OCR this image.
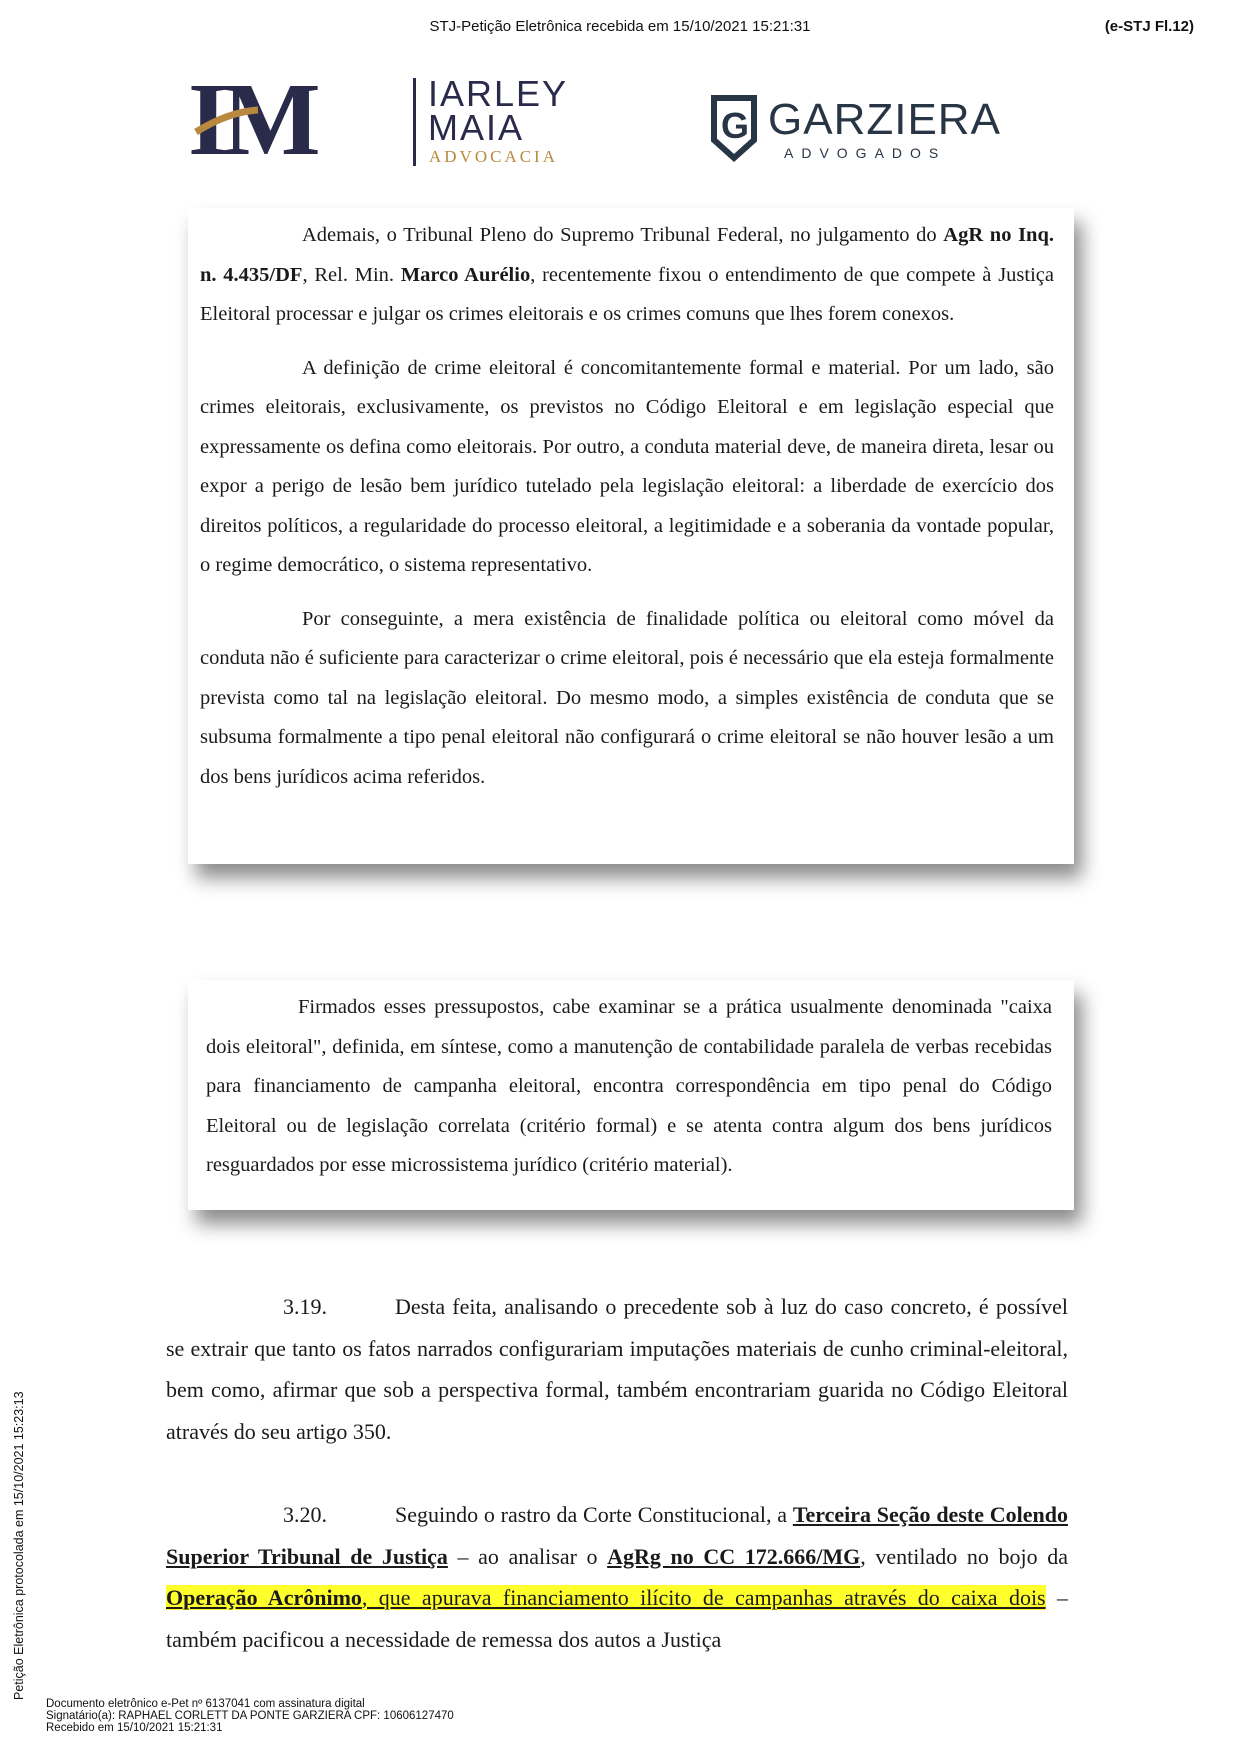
STJ-Petição Eletrônica recebida em 15/10/2021 15:21:31	(e-STJ Fl.12)
IM	IARLEY
MAIA
ADVOCACIA
G GARZIERA
ADVOGADOS

Ademais, o Tribunal Pleno do Supremo Tribunal Federal, no julgamento do AgR no Inq. n. 4.435/DF, Rel. Min. Marco Aurélio, recentemente fixou o entendimento de que compete à Justiça Eleitoral processar e julgar os crimes eleitorais e os crimes comuns que lhes forem conexos.

A definição de crime eleitoral é concomitantemente formal e material. Por um lado, são crimes eleitorais, exclusivamente, os previstos no Código Eleitoral e em legislação especial que expressamente os defina como eleitorais. Por outro, a conduta material deve, de maneira direta, lesar ou expor a perigo de lesão bem jurídico tutelado pela legislação eleitoral: a liberdade de exercício dos direitos políticos, a regularidade do processo eleitoral, a legitimidade e a soberania da vontade popular, o regime democrático, o sistema representativo.

Por conseguinte, a mera existência de finalidade política ou eleitoral como móvel da conduta não é suficiente para caracterizar o crime eleitoral, pois é necessário que ela esteja formalmente prevista como tal na legislação eleitoral. Do mesmo modo, a simples existência de conduta que se subsuma formalmente a tipo penal eleitoral não configurará o crime eleitoral se não houver lesão a um dos bens jurídicos acima referidos.

Firmados esses pressupostos, cabe examinar se a prática usualmente denominada "caixa dois eleitoral", definida, em síntese, como a manutenção de contabilidade paralela de verbas recebidas para financiamento de campanha eleitoral, encontra correspondência em tipo penal do Código Eleitoral ou de legislação correlata (critério formal) e se atenta contra algum dos bens jurídicos resguardados por esse microssistema jurídico (critério material).

3.19.	Desta feita, analisando o precedente sob à luz do caso concreto, é possível se extrair que tanto os fatos narrados configurariam imputações materiais de cunho criminal-eleitoral, bem como, afirmar que sob a perspectiva formal, também encontrariam guarida no Código Eleitoral através do seu artigo 350.

3.20.	Seguindo o rastro da Corte Constitucional, a Terceira Seção deste Colendo Superior Tribunal de Justiça – ao analisar o AgRg no CC 172.666/MG, ventilado no bojo da Operação Acrônimo, que apurava financiamento ilícito de campanhas através do caixa dois – também pacificou a necessidade de remessa dos autos a Justiça

Petição Eletrônica protocolada em 15/10/2021 15:23:13
Documento eletrônico e-Pet nº 6137041 com assinatura digital
Signatário(a): RAPHAEL CORLETT DA PONTE GARZIERA CPF: 10606127470
Recebido em 15/10/2021 15:21:31
